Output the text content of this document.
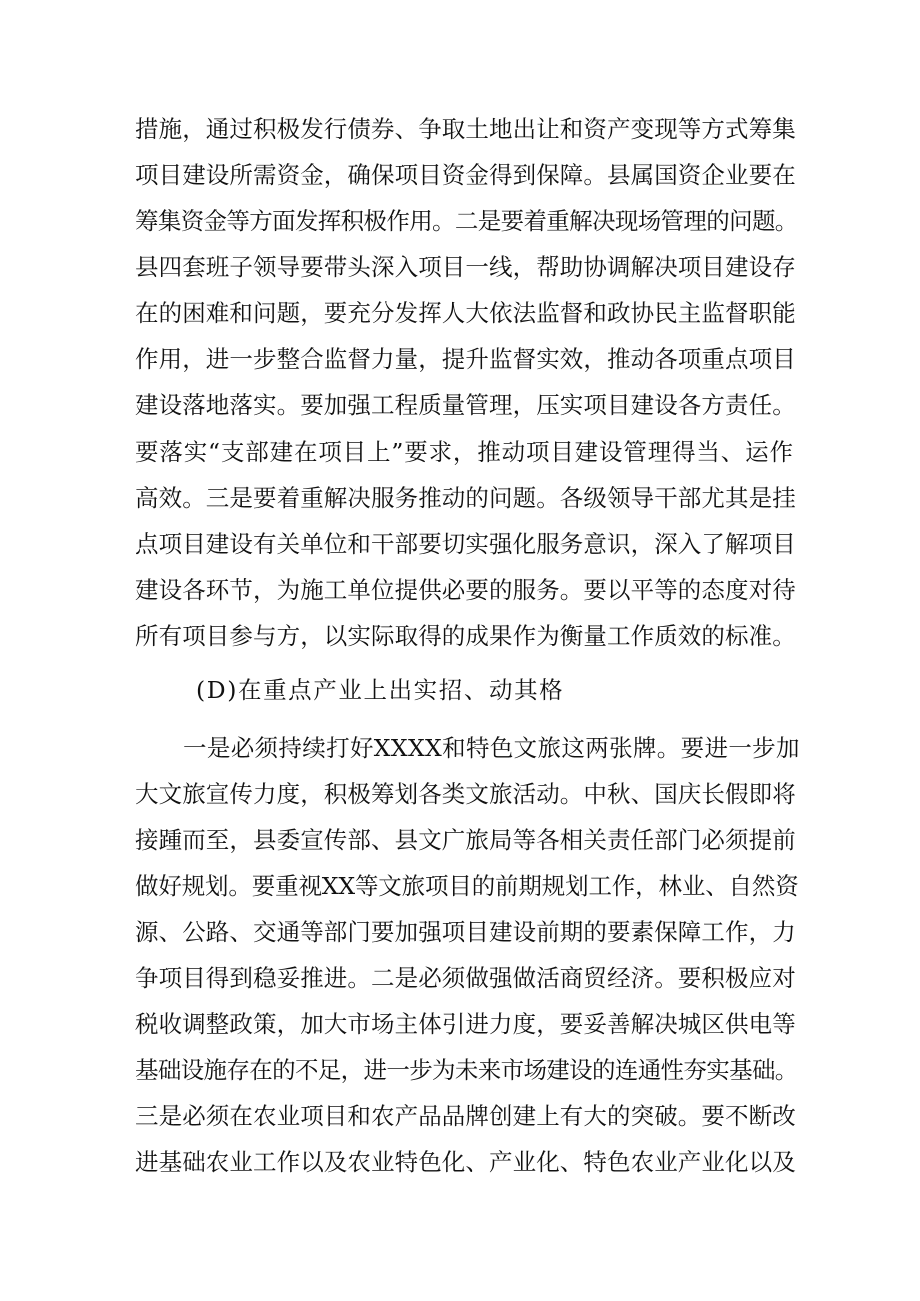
措施，通过积极发行债券、争取土地出让和资产变现等方式筹集
项目建设所需资金，确保项目资金得到保障。县属国资企业要在
筹集资金等方面发挥积极作用。二是要着重解决现场管理的问题。
县四套班子领导要带头深入项目一线，帮助协调解决项目建设存
在的困难和问题，要充分发挥人大依法监督和政协民主监督职能
作用，进一步整合监督力量，提升监督实效，推动各项重点项目
建设落地落实。要加强工程质量管理，压实项目建设各方责任。
要落实“支部建在项目上”要求，推动项目建设管理得当、运作
高效。三是要着重解决服务推动的问题。各级领导干部尤其是挂
点项目建设有关单位和干部要切实强化服务意识，深入了解项目
建设各环节，为施工单位提供必要的服务。要以平等的态度对待
所有项目参与方，以实际取得的成果作为衡量工作质效的标准。
(D)在重点产业上出实招、动其格
一是必须持续打好XXXX和特色文旅这两张牌。要进一步加
大文旅宣传力度，积极筹划各类文旅活动。中秋、国庆长假即将
接踵而至，县委宣传部、县文广旅局等各相关责任部门必须提前
做好规划。要重视XX等文旅项目的前期规划工作，林业、自然资
源、公路、交通等部门要加强项目建设前期的要素保障工作，力
争项目得到稳妥推进。二是必须做强做活商贸经济。要积极应对
税收调整政策，加大市场主体引进力度，要妥善解决城区供电等
基础设施存在的不足，进一步为未来市场建设的连通性夯实基础。
三是必须在农业项目和农产品品牌创建上有大的突破。要不断改
进基础农业工作以及农业特色化、产业化、特色农业产业化以及
